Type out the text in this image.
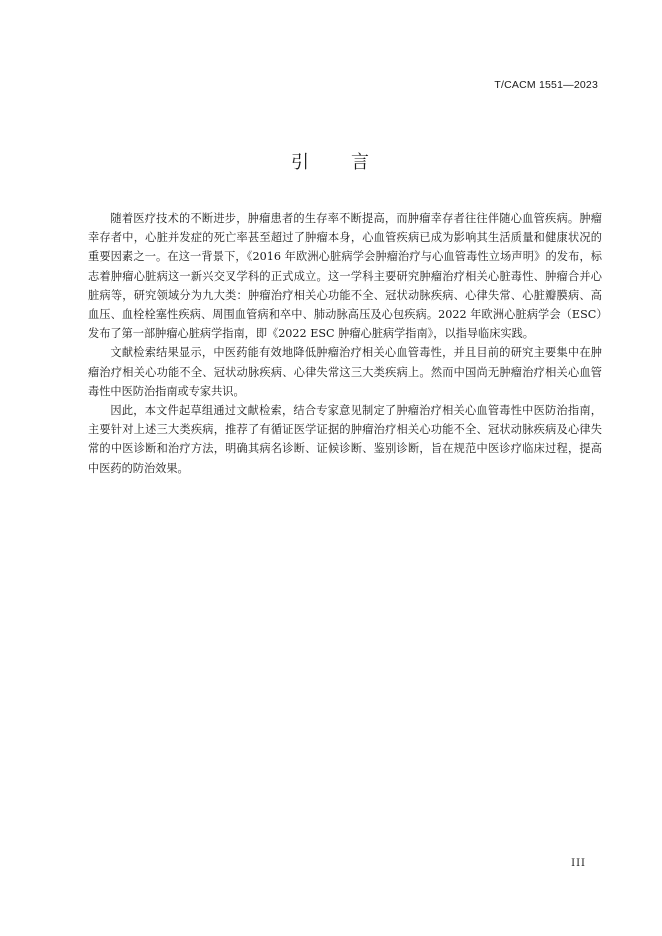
T/CACM 1551—2023
引 言

随着医疗技术的不断进步，肿瘤患者的生存率不断提高，而肿瘤幸存者往往伴随心血管疾病。肿瘤幸存者中，心脏并发症的死亡率甚至超过了肿瘤本身，心血管疾病已成为影响其生活质量和健康状况的重要因素之一。在这一背景下，《2016 年欧洲心脏病学会肿瘤治疗与心血管毒性立场声明》的发布，标志着肿瘤心脏病这一新兴交叉学科的正式成立。这一学科主要研究肿瘤治疗相关心脏毒性、肿瘤合并心脏病等，研究领域分为九大类：肿瘤治疗相关心功能不全、冠状动脉疾病、心律失常、心脏瓣膜病、高血压、血栓栓塞性疾病、周围血管病和卒中、肺动脉高压及心包疾病。2022 年欧洲心脏病学会（ESC）发布了第一部肿瘤心脏病学指南，即《2022 ESC 肿瘤心脏病学指南》，以指导临床实践。

文献检索结果显示，中医药能有效地降低肿瘤治疗相关心血管毒性，并且目前的研究主要集中在肿瘤治疗相关心功能不全、冠状动脉疾病、心律失常这三大类疾病上。然而中国尚无肿瘤治疗相关心血管毒性中医防治指南或专家共识。

因此，本文件起草组通过文献检索，结合专家意见制定了肿瘤治疗相关心血管毒性中医防治指南，主要针对上述三大类疾病，推荐了有循证医学证据的肿瘤治疗相关心功能不全、冠状动脉疾病及心律失常的中医诊断和治疗方法，明确其病名诊断、证候诊断、鉴别诊断，旨在规范中医诊疗临床过程，提高中医药的防治效果。

III
